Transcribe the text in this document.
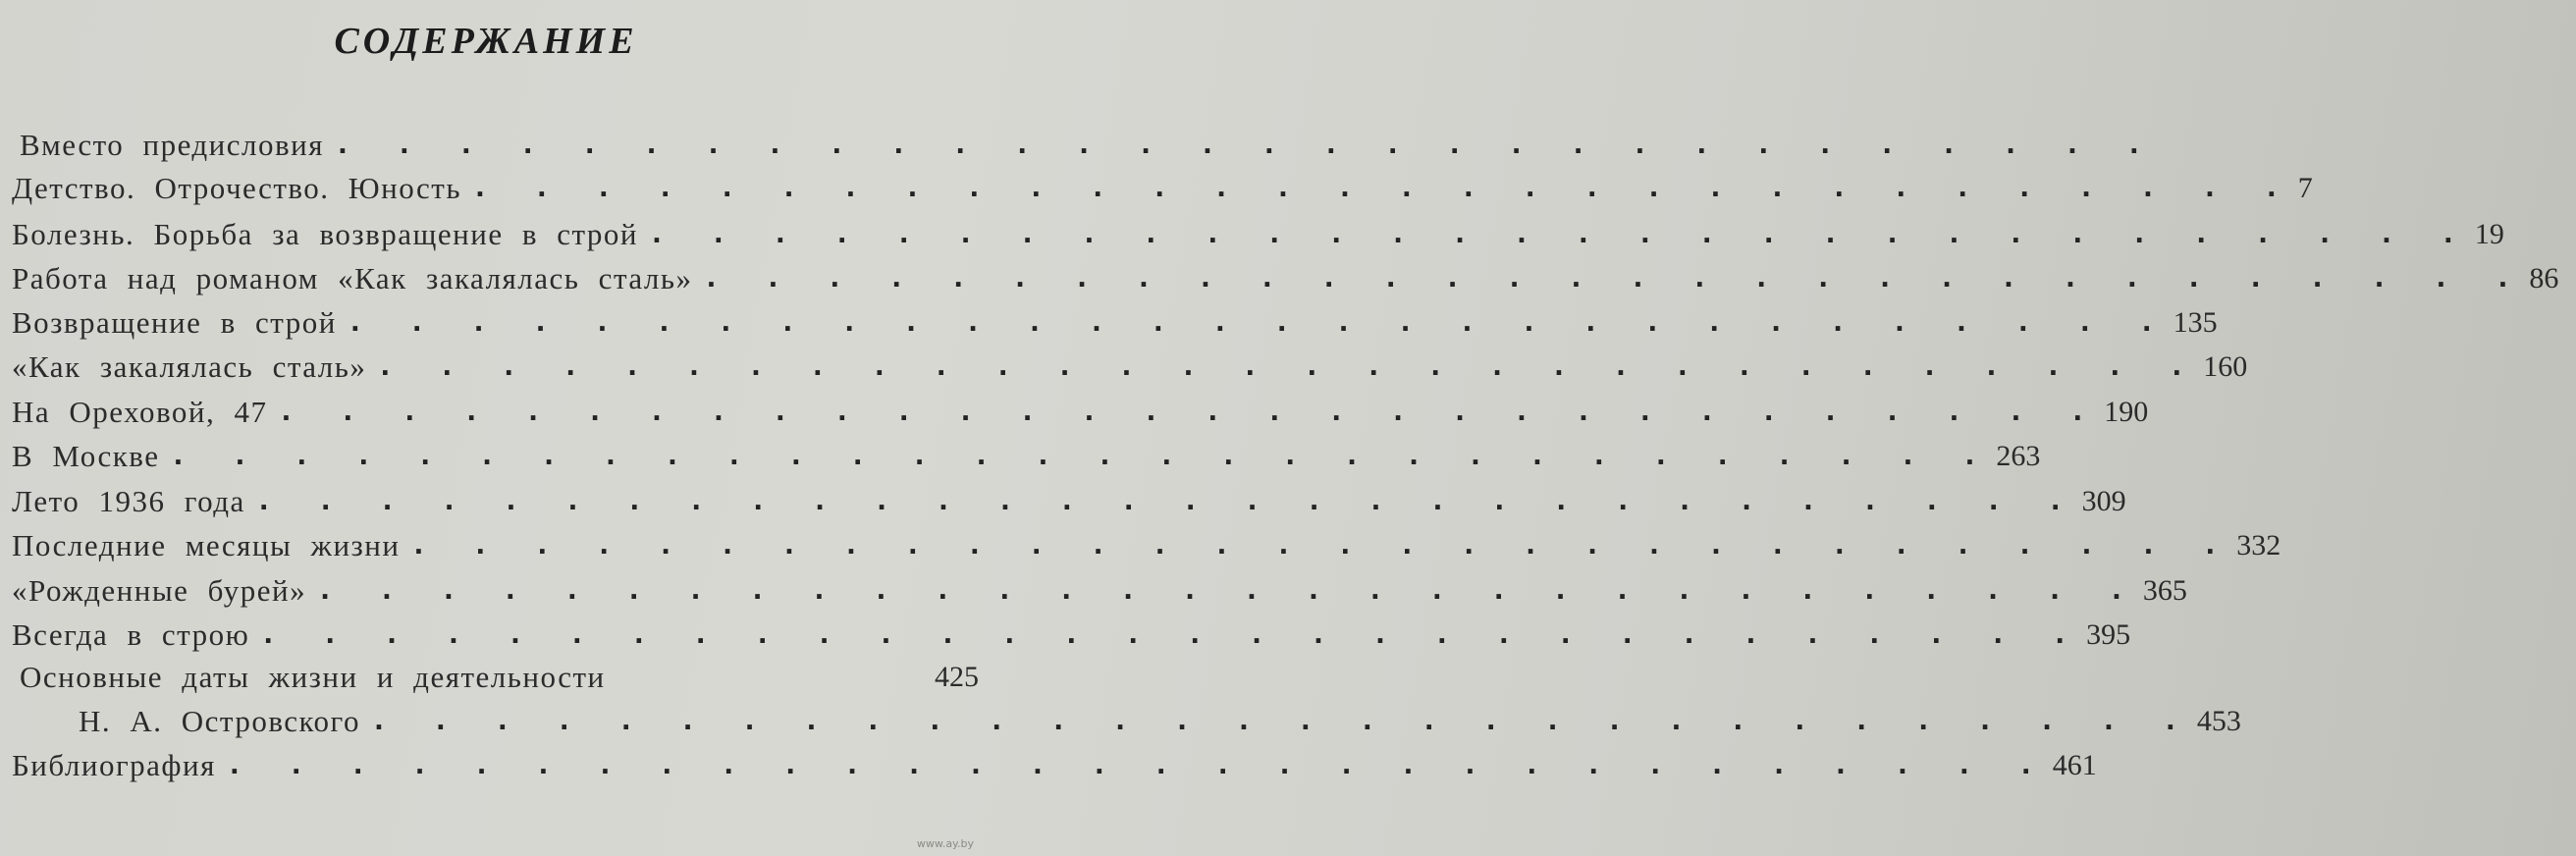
СОДЕРЖАНИЕ
Вместо предисловия . . . . . . . . . . . . . . . . . . . . . . . . . . . . . .
Детство. Отрочество. Юность . . . . . . . . . . . . . . . . . . . . . . . . . . . . . . 7
Болезнь. Борьба за возвращение в строй . . . . . . . . . . . . . . . . . . . . . . . . . . . . . . 19
Работа над романом «Как закалялась сталь» . . . . . . . . . . . . . . . . . . . . . . . . . . . . . . 86
Возвращение в строй . . . . . . . . . . . . . . . . . . . . . . . . . . . . . . 135
«Как закалялась сталь» . . . . . . . . . . . . . . . . . . . . . . . . . . . . . . 160
На Ореховой, 47 . . . . . . . . . . . . . . . . . . . . . . . . . . . . . . 190
В Москве . . . . . . . . . . . . . . . . . . . . . . . . . . . . . . 263
Лето 1936 года . . . . . . . . . . . . . . . . . . . . . . . . . . . . . . 309
Последние месяцы жизни . . . . . . . . . . . . . . . . . . . . . . . . . . . . . . 332
«Рожденные бурей» . . . . . . . . . . . . . . . . . . . . . . . . . . . . . . 365
Всегда в строю . . . . . . . . . . . . . . . . . . . . . . . . . . . . . . 395
Основные даты жизни и деятельности	425
Н. А. Островского . . . . . . . . . . . . . . . . . . . . . . . . . . . . . . 453
Библиография . . . . . . . . . . . . . . . . . . . . . . . . . . . . . . 461
www.ay.by
